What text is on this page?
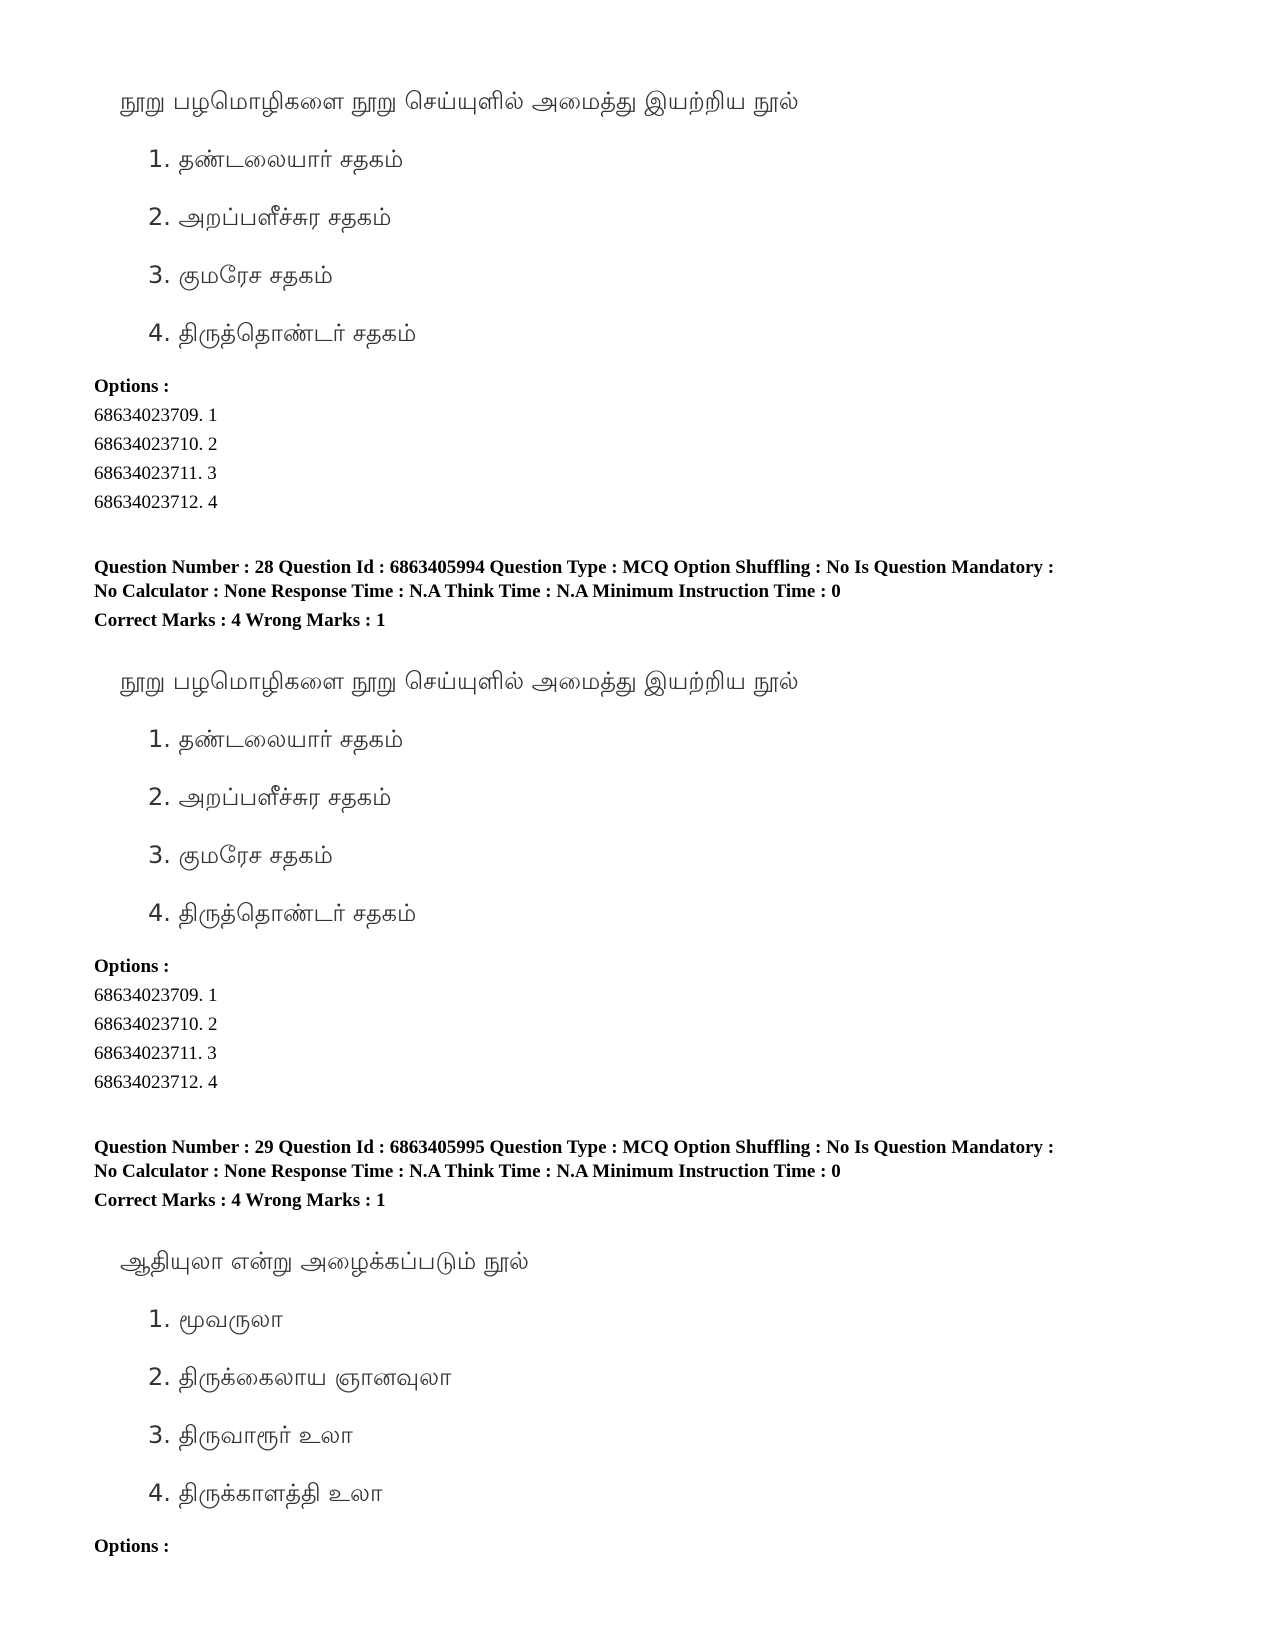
நூறு பழமொழிகளை நூறு செய்யுளில் அமைத்து இயற்றிய நூல்
1. தண்டலையார் சதகம்
2. அறப்பளீச்சுர சதகம்
3. குமரேச சதகம்
4. திருத்தொண்டர் சதகம்
Options :
68634023709. 1
68634023710. 2
68634023711. 3
68634023712. 4
Question Number : 28 Question Id : 6863405994 Question Type : MCQ Option Shuffling : No Is Question Mandatory :
No Calculator : None Response Time : N.A Think Time : N.A Minimum Instruction Time : 0
Correct Marks : 4 Wrong Marks : 1
நூறு பழமொழிகளை நூறு செய்யுளில் அமைத்து இயற்றிய நூல்
1. தண்டலையார் சதகம்
2. அறப்பளீச்சுர சதகம்
3. குமரேச சதகம்
4. திருத்தொண்டர் சதகம்
Options :
68634023709. 1
68634023710. 2
68634023711. 3
68634023712. 4
Question Number : 29 Question Id : 6863405995 Question Type : MCQ Option Shuffling : No Is Question Mandatory :
No Calculator : None Response Time : N.A Think Time : N.A Minimum Instruction Time : 0
Correct Marks : 4 Wrong Marks : 1
ஆதியுலா என்று அழைக்கப்படும் நூல்
1. மூவருலா
2. திருக்கைலாய ஞானவுலா
3. திருவாரூர் உலா
4. திருக்காளத்தி உலா
Options :
